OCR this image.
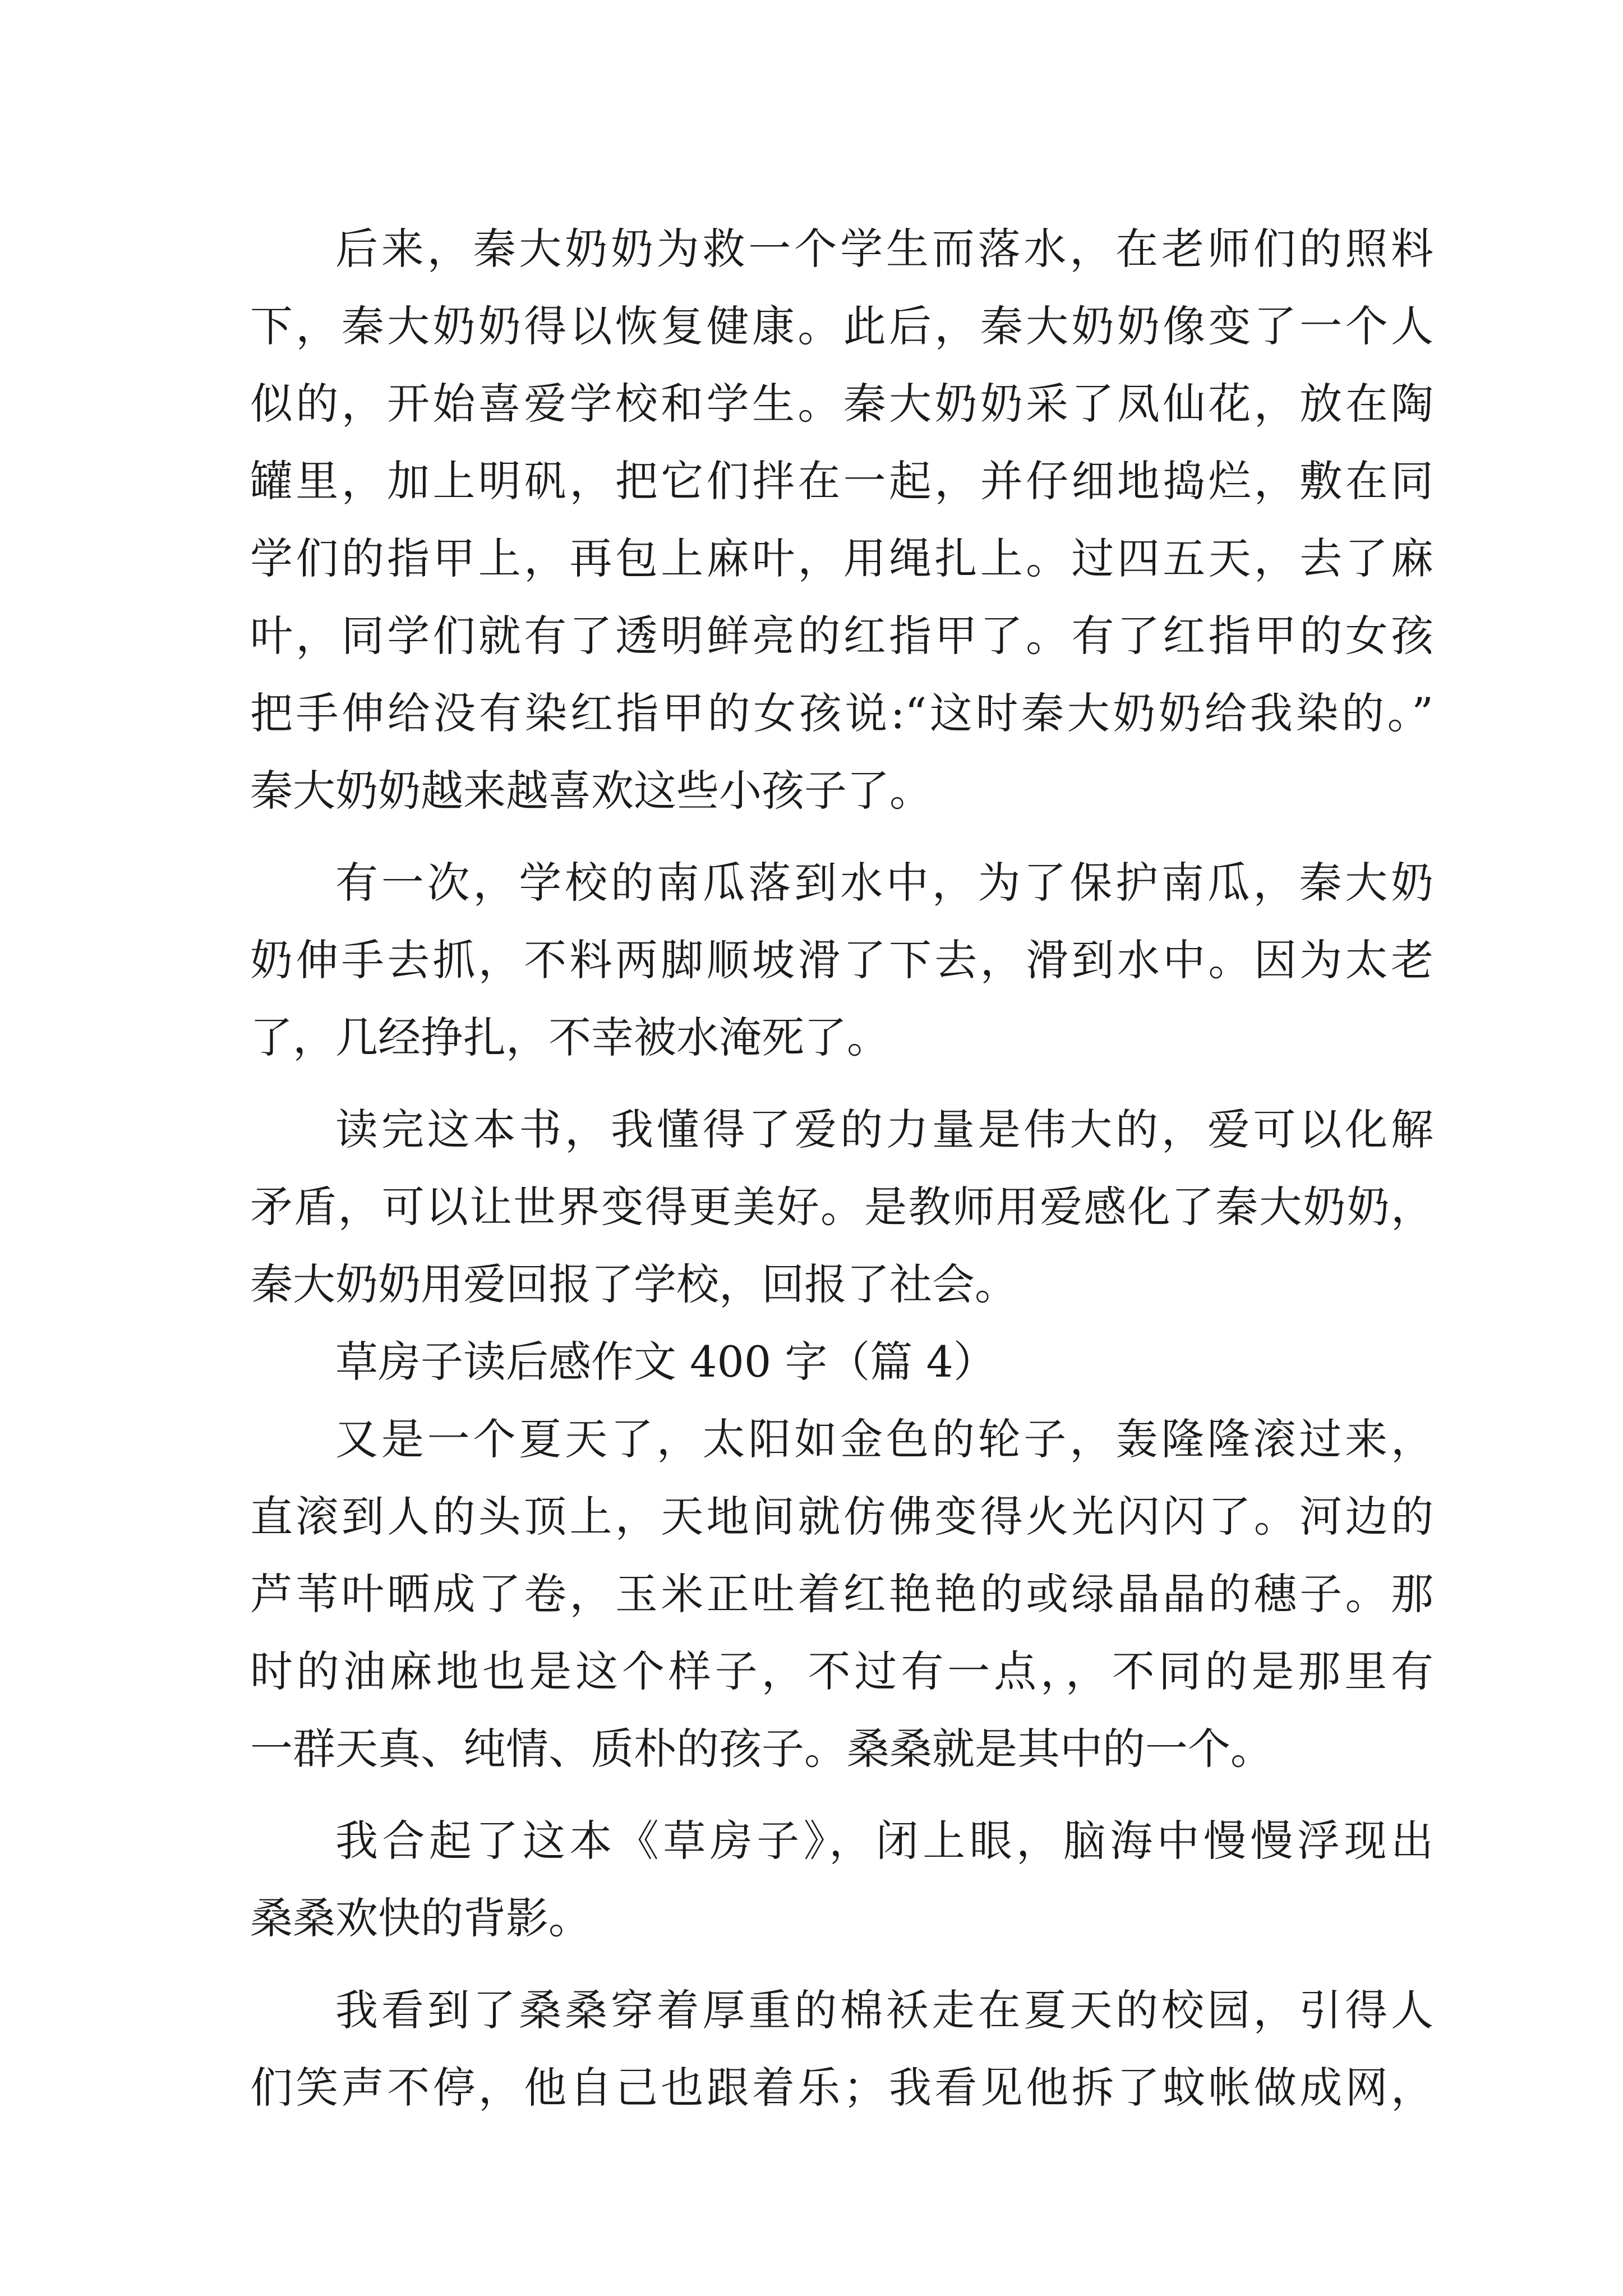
后来，秦大奶奶为救一个学生而落水，在老师们的照料
下，秦大奶奶得以恢复健康。此后，秦大奶奶像变了一个人
似的，开始喜爱学校和学生。秦大奶奶采了凤仙花，放在陶
罐里，加上明矾，把它们拌在一起，并仔细地捣烂，敷在同
学们的指甲上，再包上麻叶，用绳扎上。过四五天，去了麻
叶，同学们就有了透明鲜亮的红指甲了。有了红指甲的女孩
把手伸给没有染红指甲的女孩说:“这时秦大奶奶给我染的。”
秦大奶奶越来越喜欢这些小孩子了。
有一次，学校的南瓜落到水中，为了保护南瓜，秦大奶
奶伸手去抓，不料两脚顺坡滑了下去，滑到水中。因为太老
了，几经挣扎，不幸被水淹死了。
读完这本书，我懂得了爱的力量是伟大的，爱可以化解
矛盾，可以让世界变得更美好。是教师用爱感化了秦大奶奶，
秦大奶奶用爱回报了学校，回报了社会。
草房子读后感作文 400 字（篇 4）
又是一个夏天了，太阳如金色的轮子，轰隆隆滚过来，
直滚到人的头顶上，天地间就仿佛变得火光闪闪了。河边的
芦苇叶晒成了卷，玉米正吐着红艳艳的或绿晶晶的穗子。那
时的油麻地也是这个样子，不过有一点，，不同的是那里有
一群天真、纯情、质朴的孩子。桑桑就是其中的一个。
我合起了这本《草房子》，闭上眼，脑海中慢慢浮现出
桑桑欢快的背影。
我看到了桑桑穿着厚重的棉袄走在夏天的校园，引得人
们笑声不停，他自己也跟着乐；我看见他拆了蚊帐做成网，
